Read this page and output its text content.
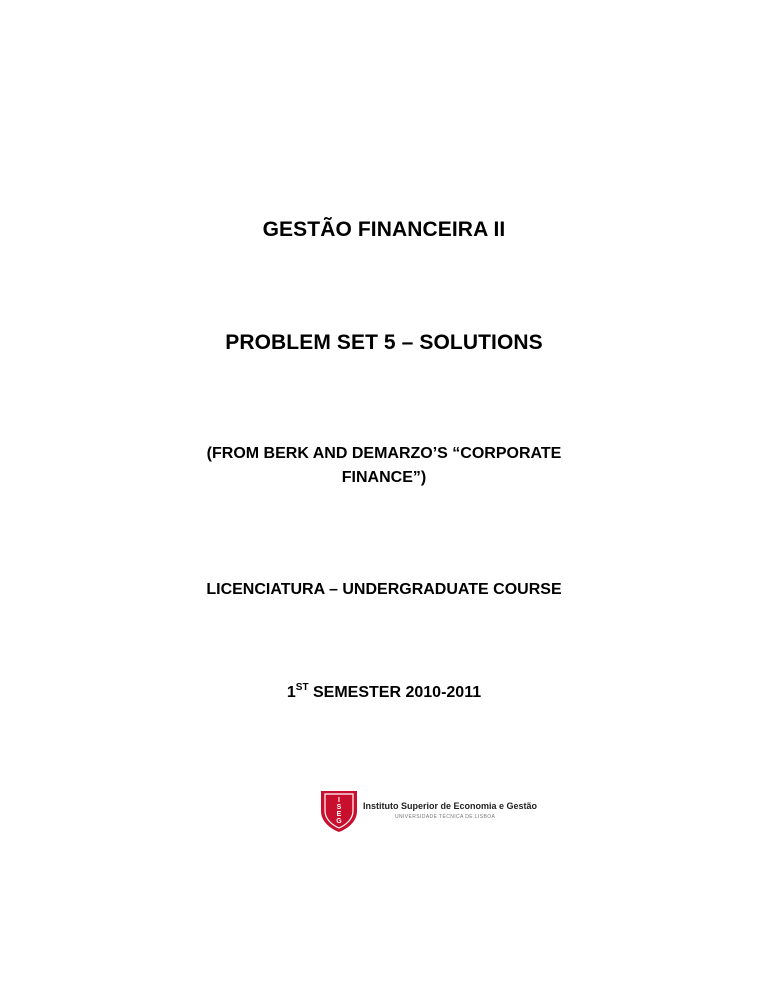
GESTÃO FINANCEIRA II
PROBLEM SET 5 – SOLUTIONS
(FROM BERK AND DEMARZO’S “CORPORATE
FINANCE”)
LICENCIATURA – UNDERGRADUATE COURSE
1ST SEMESTER 2010-2011
I
S
E
G
Instituto Superior de Economia e Gestão
UNIVERSIDADE TÉCNICA DE LISBOA
